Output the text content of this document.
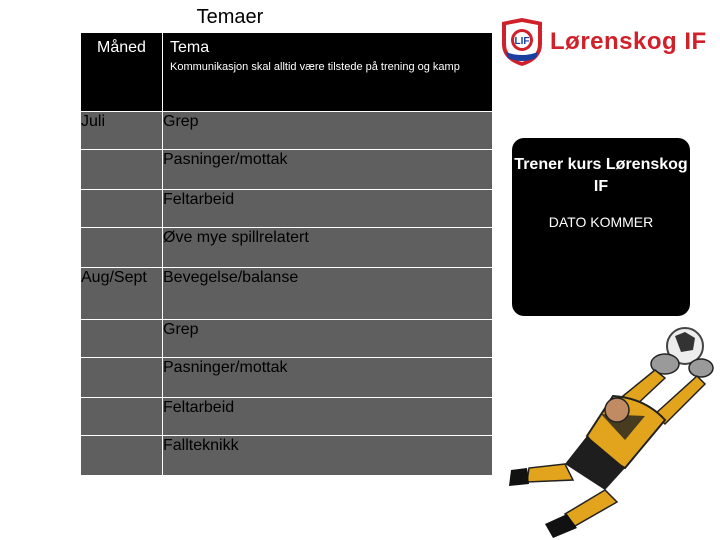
Temaer
Måned	Tema
Kommunikasjon skal alltid være tilstede på trening og kamp

Juli	Grep
	Pasninger/mottak
	Feltarbeid
	Øve mye spillrelatert
Aug/Sept	Bevegelse/balanse
	Grep
	Pasninger/mottak
	Feltarbeid
	Fallteknikk
LIF Lørenskog IF
Trener kurs Lørenskog IF
DATO KOMMER
